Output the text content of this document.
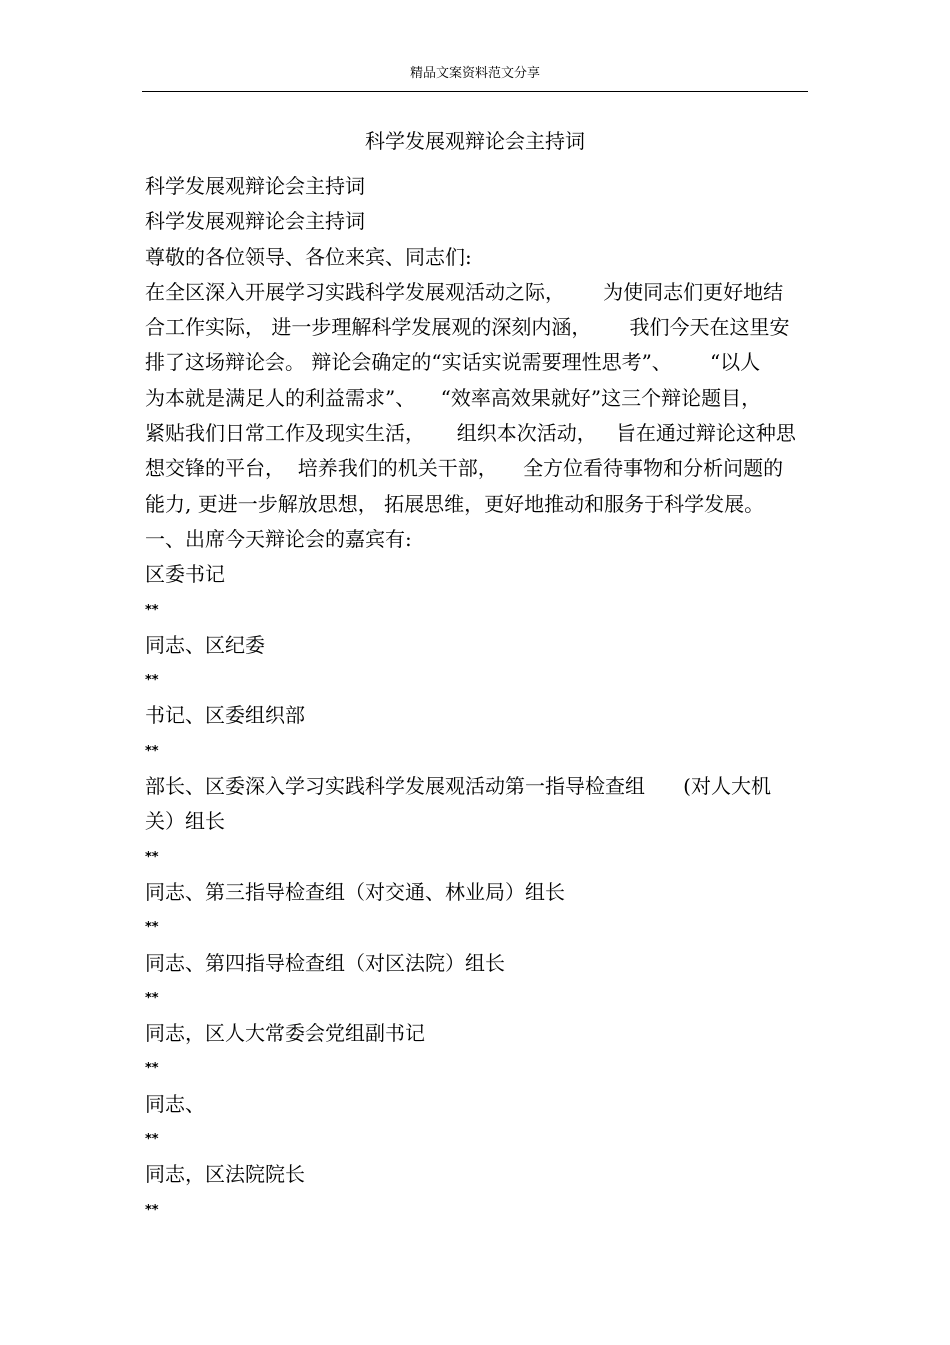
精品文案资料范文分享
科学发展观辩论会主持词
科学发展观辩论会主持词
科学发展观辩论会主持词
尊敬的各位领导、各位来宾、同志们:
在全区深入开展学习实践科学发展观活动之际，      为使同志们更好地结
合工作实际， 进一步理解科学发展观的深刻内涵，      我们今天在这里安
排了这场辩论会。 辩论会确定的“实话实说需要理性思考”、      “以人
为本就是满足人的利益需求”、    “效率高效果就好”这三个辩论题目，
紧贴我们日常工作及现实生活，     组织本次活动，   旨在通过辩论这种思
想交锋的平台，  培养我们的机关干部，    全方位看待事物和分析问题的
能力, 更进一步解放思想， 拓展思维，更好地推动和服务于科学发展。
一、出席今天辩论会的嘉宾有:
区委书记
**
同志、区纪委
**
书记、区委组织部
**
部长、区委深入学习实践科学发展观活动第一指导检查组      (对人大机
关）组长
**
同志、第三指导检查组（对交通、林业局）组长
**
同志、第四指导检查组（对区法院）组长
**
同志，区人大常委会党组副书记
**
同志、
**
同志，区法院院长
**
